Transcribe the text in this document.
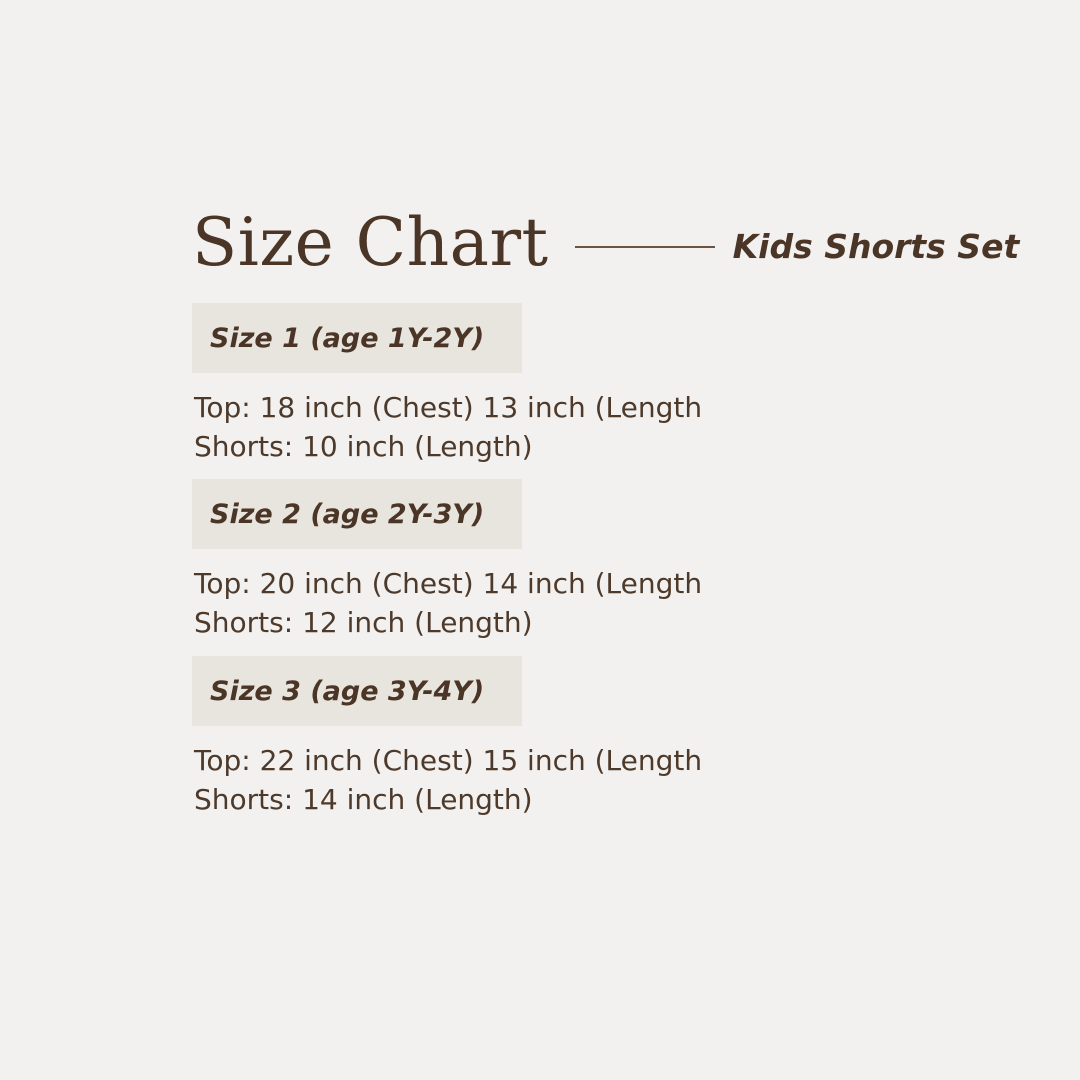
Size Chart	Kids Shorts Set
Size 1 (age 1Y-2Y)
Top: 18 inch (Chest) 13 inch (Length
Shorts: 10 inch (Length)
Size 2 (age 2Y-3Y)
Top: 20 inch (Chest) 14 inch (Length
Shorts: 12 inch (Length)
Size 3 (age 3Y-4Y)
Top: 22 inch (Chest) 15 inch (Length
Shorts: 14 inch (Length)
